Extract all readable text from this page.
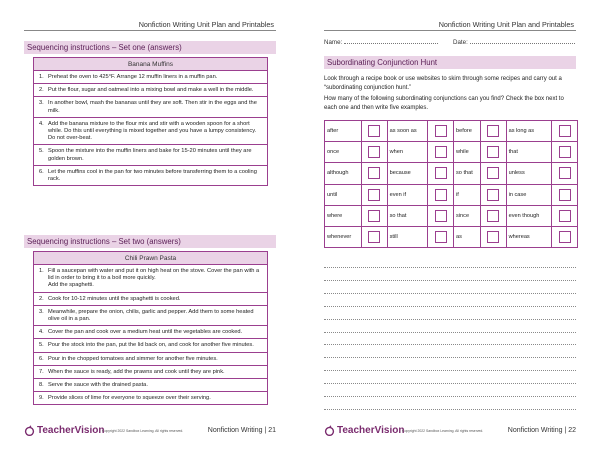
Nonfiction Writing Unit Plan and Printables
Sequencing instructions – Set one (answers)
Banana Muffins
1. Preheat the oven to 425°F. Arrange 12 muffin liners in a muffin pan.
2. Put the flour, sugar and oatmeal into a mixing bowl and make a well in the middle.
3. In another bowl, mash the bananas until they are soft. Then stir in the eggs and the milk.
4. Add the banana mixture to the flour mix and stir with a wooden spoon for a short while. Do this until everything is mixed together and you have a lumpy consistency. Do not over-beat.
5. Spoon the mixture into the muffin liners and bake for 15-20 minutes until they are golden brown.
6. Let the muffins cool in the pan for two minutes before transferring them to a cooling rack.
Sequencing instructions – Set two (answers)
Chili Prawn Pasta
1. Fill a saucepan with water and put it on high heat on the stove. Cover the pan with a lid in order to bring it to a boil more quickly.
Add the spaghetti.
2. Cook for 10-12 minutes until the spaghetti is cooked.
3. Meanwhile, prepare the onion, chilis, garlic and pepper. Add them to some heated olive oil in a pan.
4. Cover the pan and cook over a medium heat until the vegetables are cooked.
5. Pour the stock into the pan, put the lid back on, and cook for another five minutes.
6. Pour in the chopped tomatoes and simmer for another five minutes.
7. When the sauce is ready, add the prawns and cook until they are pink.
8. Serve the sauce with the drained pasta.
9. Provide slices of lime for everyone to squeeze over their serving.
TeacherVision
Copyright 2022 Sandbox Learning. All rights reserved.	Nonfiction Writing | 21
Nonfiction Writing Unit Plan and Printables
Name:	Date:
Subordinating Conjunction Hunt
Look through a recipe book or use websites to skim through some recipes and carry out a “subordinating conjunction hunt.”
How many of the following subordinating conjunctions can you find? Check the box next to each one and then write five examples.
after		as soon as		before		as long as	
once		when		while		that	
although		because		so that		unless	
until		even if		if		in case	
where		so that		since		even though	
whenever		still		as		whereas	
TeacherVision
Copyright 2022 Sandbox Learning. All rights reserved.	Nonfiction Writing | 22
